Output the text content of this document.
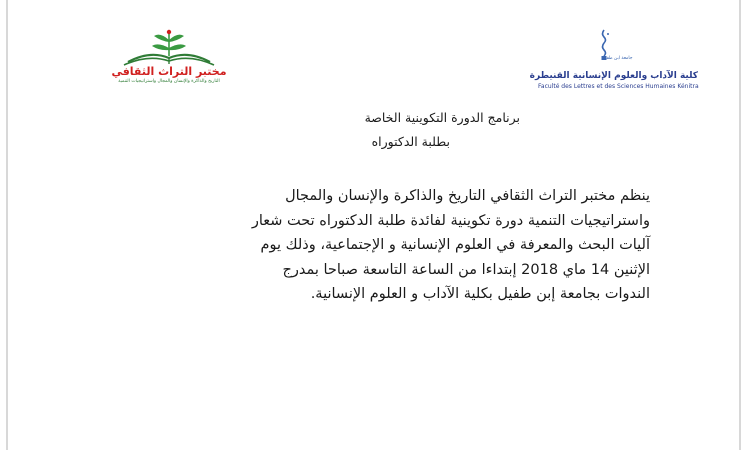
مختبر التراث الثقافي
التاريخ والذاكرة والإنسان والمجال واستراتيجيات التنمية
جامعة ابن طفيل
كلية الآداب والعلوم الإنسانية القنيطرة
Faculté des Lettres et des Sciences Humaines Kénitra
برنامج الدورة التكوينية الخاصة
بطلبة الدكتوراه
ينظم مختبر التراث الثقافي التاريخ والذاكرة والإنسان والمجال
واستراتيجيات التنمية دورة تكوينية لفائدة طلبة الدكتوراه تحت شعار
آليات البحث والمعرفة في العلوم الإنسانية و الإجتماعية، وذلك يوم
الإثنين 14 ماي 2018 إبتداءا من الساعة التاسعة صباحا بمدرج
الندوات بجامعة إبن طفيل بكلية الآداب و العلوم الإنسانية.
